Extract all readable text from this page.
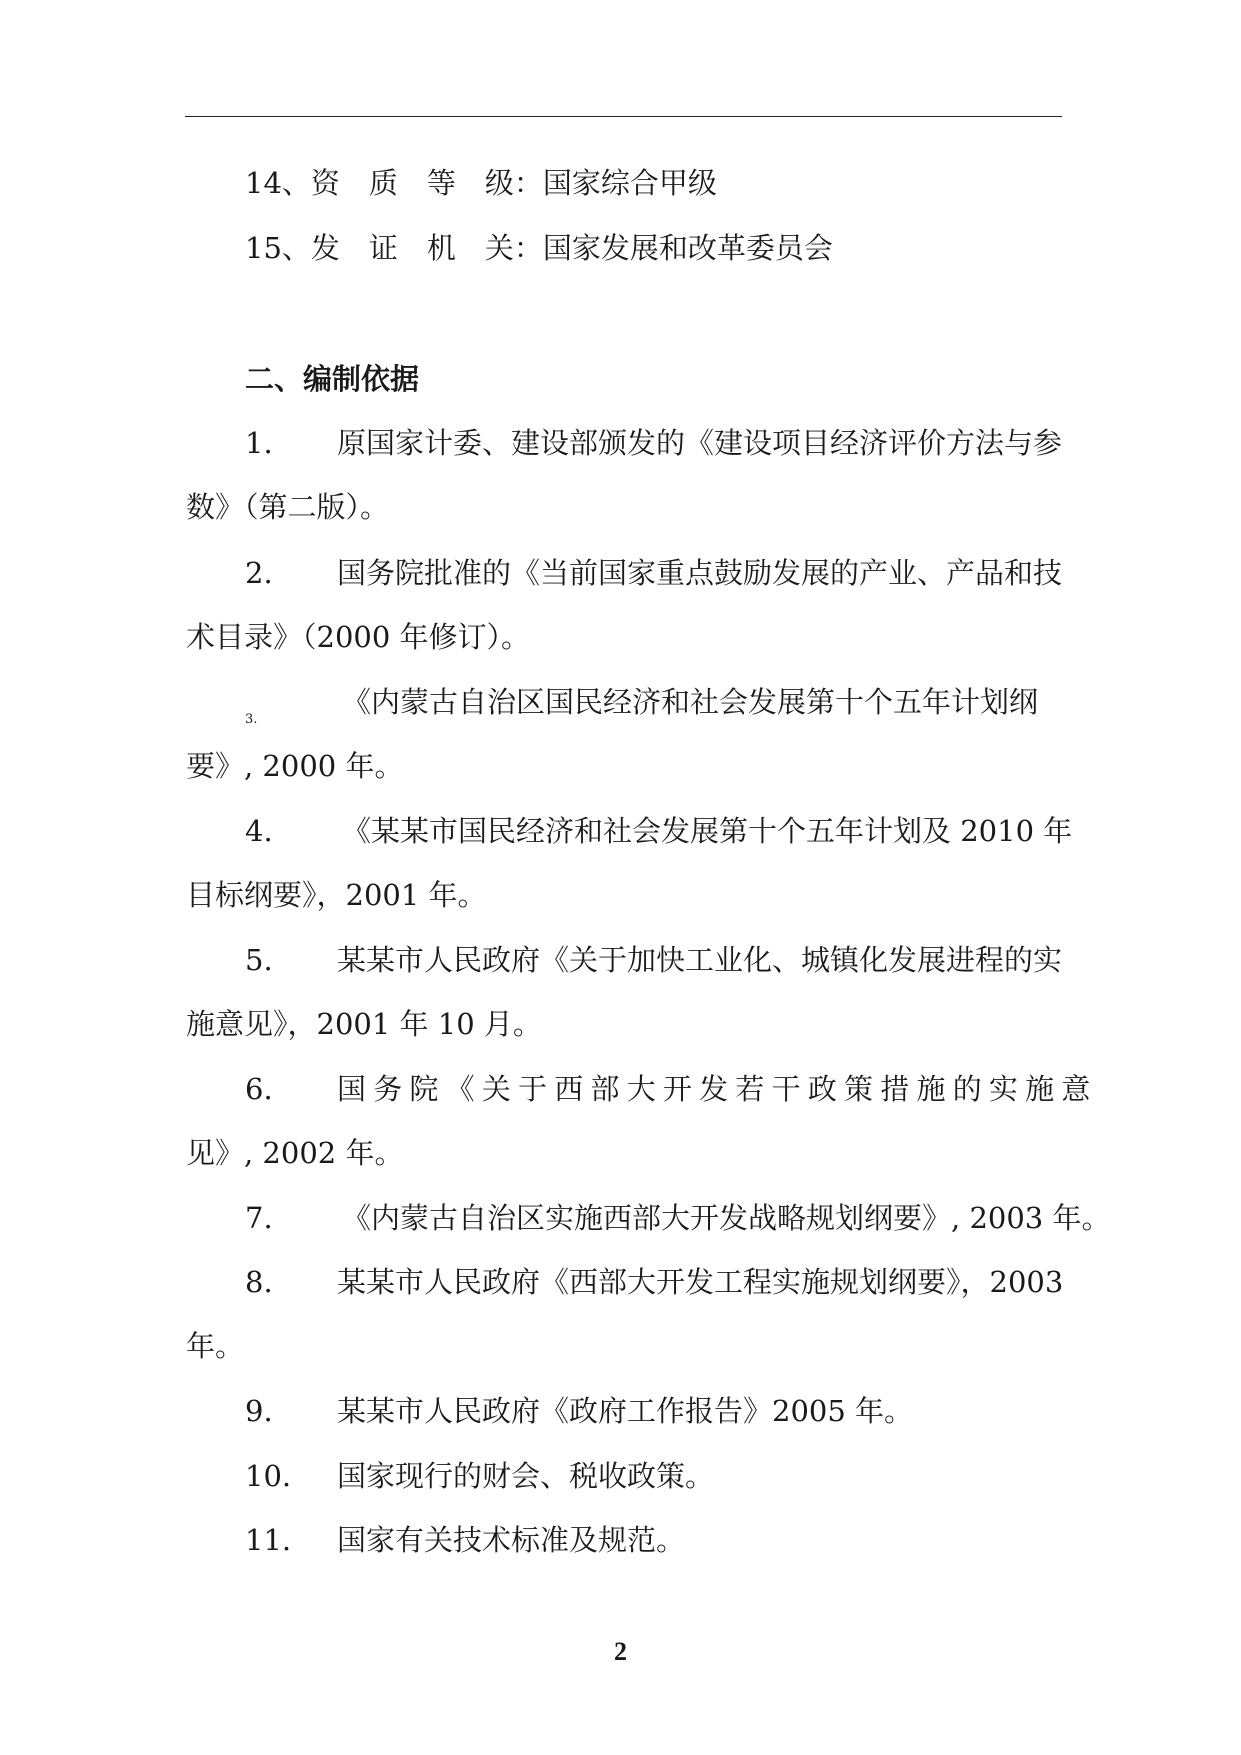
14、资　质　等　级：国家综合甲级
15、发　证　机　关：国家发展和改革委员会
二、编制依据
1. 原国家计委、建设部颁发的《建设项目经济评价方法与参
数》（第二版）。
2. 国务院批准的《当前国家重点鼓励发展的产业、产品和技
术目录》（2000 年修订）。
3.
《内蒙古自治区国民经济和社会发展第十个五年计划纲
要》, 2000 年。
4. 《某某市国民经济和社会发展第十个五年计划及 2010 年
目标纲要》，2001 年。
5. 某某市人民政府《关于加快工业化、城镇化发展进程的实
施意见》，2001 年 10 月。
6. 国 务 院 《 关 于 西 部 大 开 发 若 干 政 策 措 施 的 实 施 意
见》, 2002 年。
7. 《内蒙古自治区实施西部大开发战略规划纲要》, 2003 年。
8. 某某市人民政府《西部大开发工程实施规划纲要》，2003
年。
9. 某某市人民政府《政府工作报告》2005 年。
10. 国家现行的财会、税收政策。
11. 国家有关技术标准及规范。
2
